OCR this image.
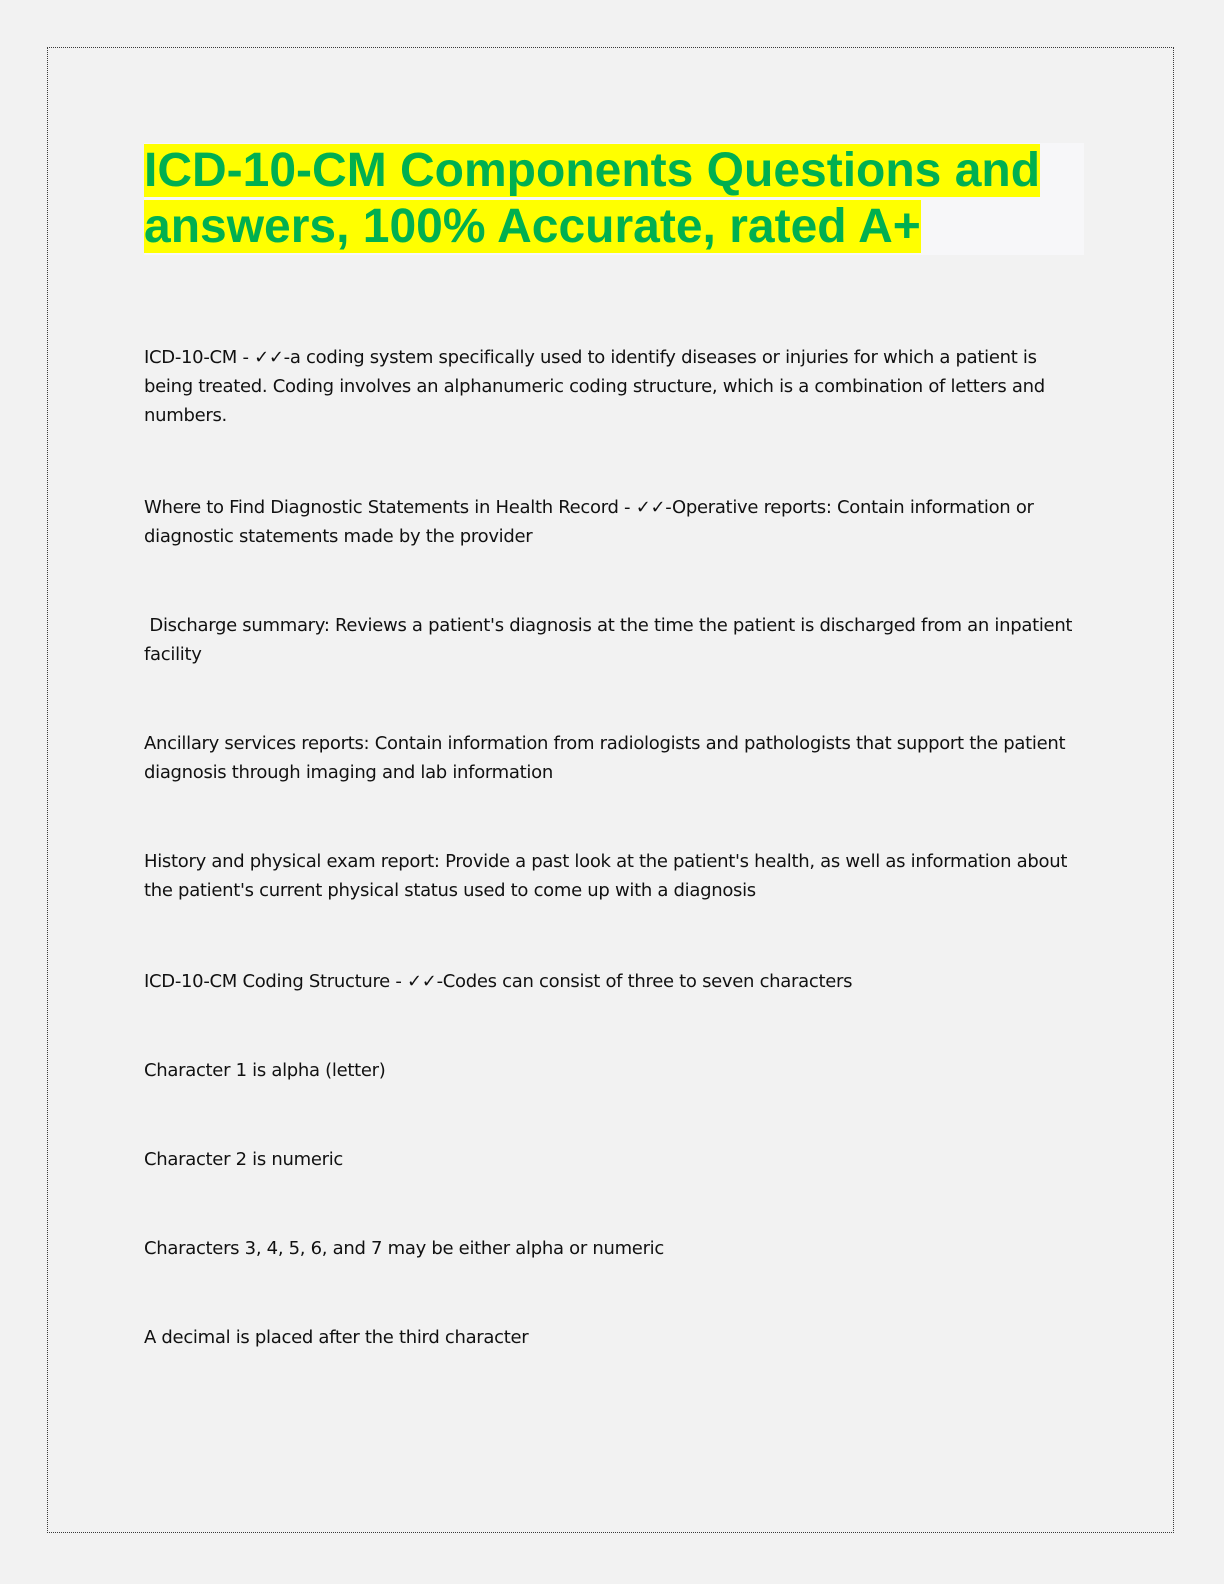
ICD-10-CM Components Questions and
answers, 100% Accurate, rated A+

ICD-10-CM - ✓✓-a coding system specifically used to identify diseases or injuries for which a patient is being treated. Coding involves an alphanumeric coding structure, which is a combination of letters and numbers.

Where to Find Diagnostic Statements in Health Record - ✓✓-Operative reports: Contain information or diagnostic statements made by the provider

Discharge summary: Reviews a patient's diagnosis at the time the patient is discharged from an inpatient facility

Ancillary services reports: Contain information from radiologists and pathologists that support the patient diagnosis through imaging and lab information

History and physical exam report: Provide a past look at the patient's health, as well as information about the patient's current physical status used to come up with a diagnosis

ICD-10-CM Coding Structure - ✓✓-Codes can consist of three to seven characters

Character 1 is alpha (letter)

Character 2 is numeric

Characters 3, 4, 5, 6, and 7 may be either alpha or numeric

A decimal is placed after the third character
